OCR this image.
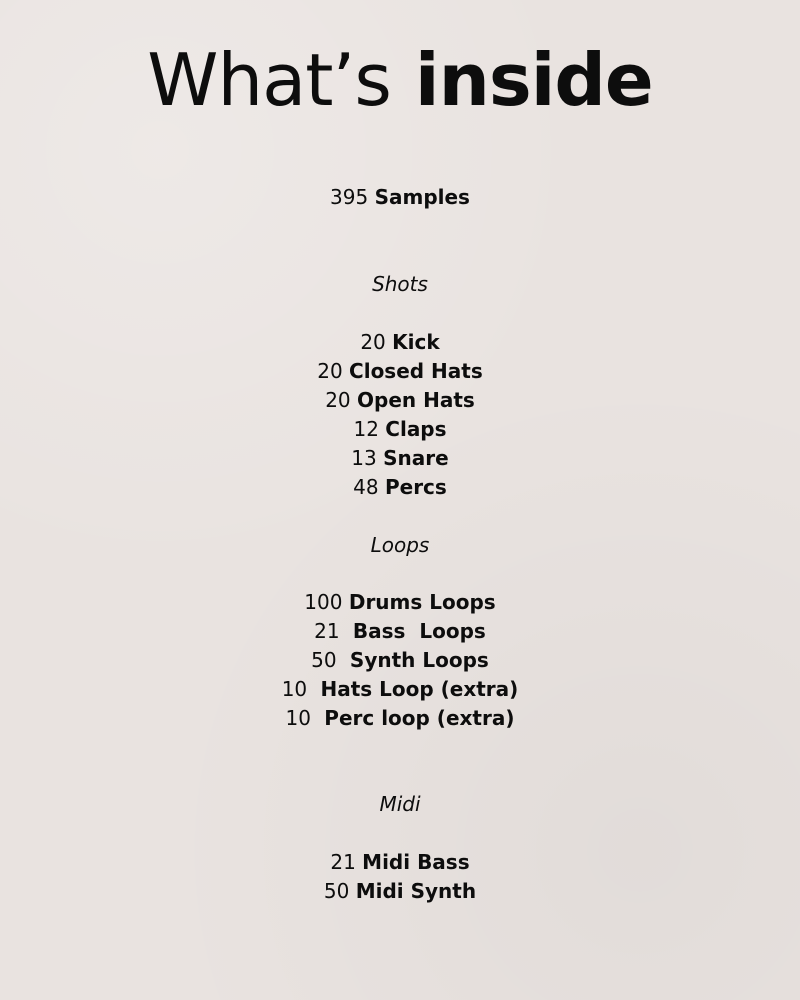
What’s inside
395 Samples
Shots
20 Kick
20 Closed Hats
20 Open Hats
12 Claps
13 Snare
48 Percs
Loops
100 Drums Loops
21  Bass  Loops
50  Synth Loops
10  Hats Loop (extra)
10  Perc loop (extra)
Midi
21 Midi Bass
50 Midi Synth
